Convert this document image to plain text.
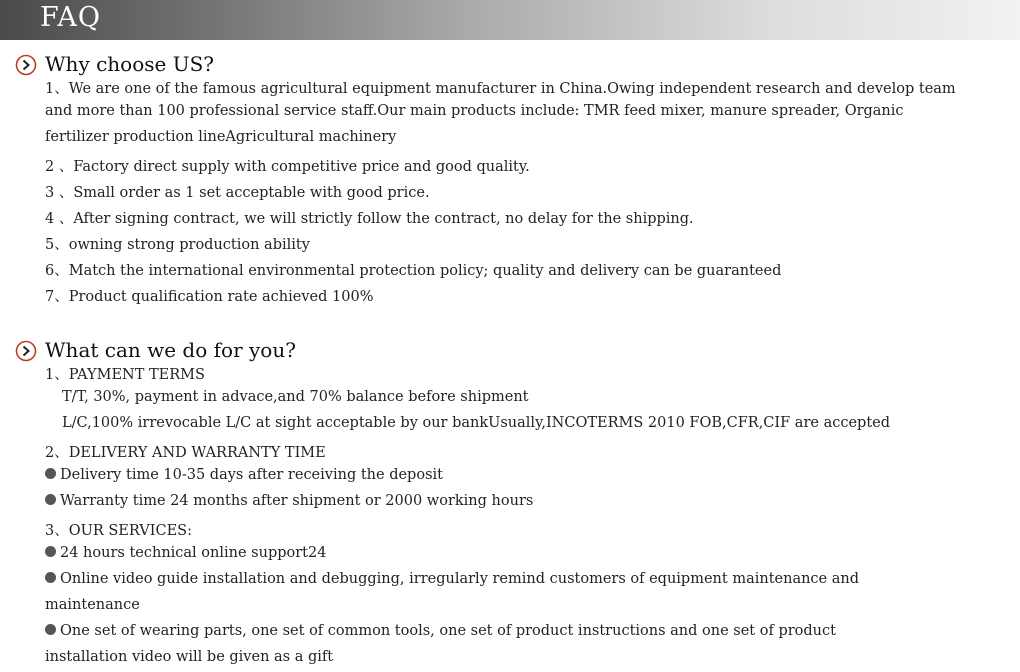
FAQ
Why choose US?
1、We are one of the famous agricultural equipment manufacturer in China.Owing independent research and develop team
and more than 100 professional service staff.Our main products include: TMR feed mixer, manure spreader, Organic
fertilizer production lineAgricultural machinery
2 、Factory direct supply with competitive price and good quality.
3 、Small order as 1 set acceptable with good price.
4 、After signing contract, we will strictly follow the contract, no delay for the shipping.
5、owning strong production ability
6、Match the international environmental protection policy; quality and delivery can be guaranteed
7、Product qualification rate achieved 100%
What can we do for you?
1、PAYMENT TERMS
T/T, 30%, payment in advace,and 70% balance before shipment
L/C,100% irrevocable L/C at sight acceptable by our bankUsually,INCOTERMS 2010 FOB,CFR,CIF are accepted
2、DELIVERY AND WARRANTY TIME
Delivery time 10-35 days after receiving the deposit
Warranty time 24 months after shipment or 2000 working hours
3、OUR SERVICES:
24 hours technical online support24
Online video guide installation and debugging, irregularly remind customers of equipment maintenance and
maintenance
One set of wearing parts, one set of common tools, one set of product instructions and one set of product
installation video will be given as a gift
